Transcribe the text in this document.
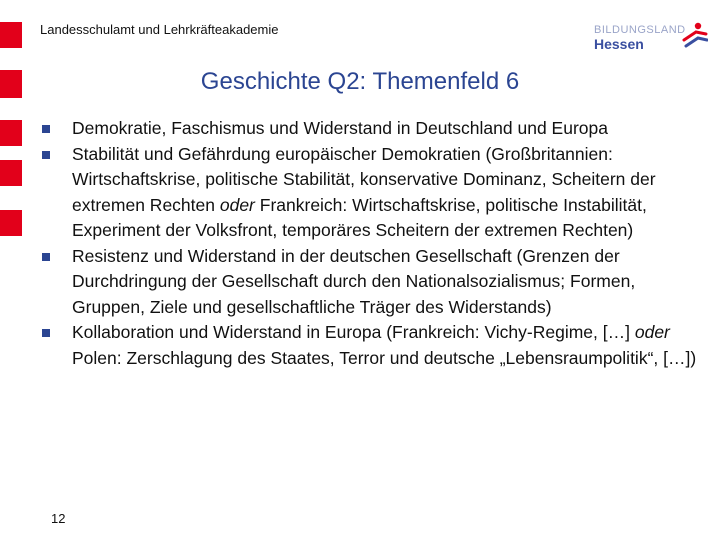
Landesschulamt und Lehrkräfteakademie	BILDUNGSLAND
Hessen
Geschichte Q2: Themenfeld 6
Demokratie, Faschismus und Widerstand in Deutschland und Europa
Stabilität und Gefährdung europäischer Demokratien (Großbritannien: Wirtschaftskrise, politische Stabilität, konservative Dominanz, Scheitern der extremen Rechten oder Frankreich: Wirtschaftskrise, politische Instabilität, Experiment der Volksfront, temporäres Scheitern der extremen Rechten)
Resistenz und Widerstand in der deutschen Gesellschaft (Grenzen der Durchdringung der Gesellschaft durch den Nationalsozialismus; Formen, Gruppen, Ziele und gesellschaftliche Träger des Widerstands)
Kollaboration und Widerstand in Europa (Frankreich: Vichy-Regime, […] oder Polen: Zerschlagung des Staates, Terror und deutsche „Lebensraumpolitik“, […])
12
